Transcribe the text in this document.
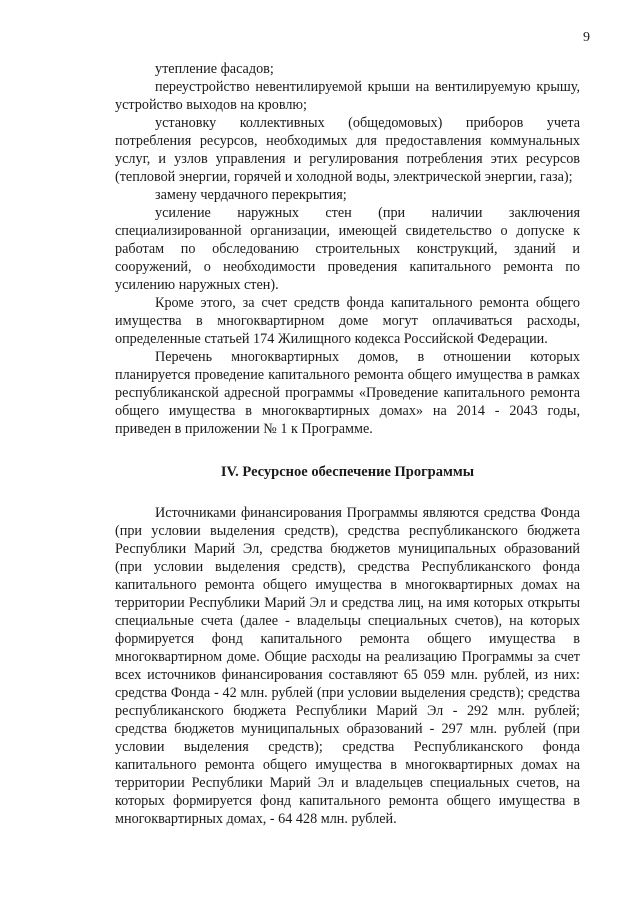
9

утепление фасадов;

переустройство невентилируемой крыши на вентилируемую крышу, устройство выходов на кровлю;

установку коллективных (общедомовых) приборов учета потребления ресурсов, необходимых для предоставления коммунальных услуг, и узлов управления и регулирования потребления этих ресурсов (тепловой энергии, горячей и холодной воды, электрической энергии, газа);

замену чердачного перекрытия;

усиление наружных стен (при наличии заключения специализированной организации, имеющей свидетельство о допуске к работам по обследованию строительных конструкций, зданий и сооружений, о необходимости проведения капитального ремонта по усилению наружных стен).

Кроме этого, за счет средств фонда капитального ремонта общего имущества в многоквартирном доме могут оплачиваться расходы, определенные статьей 174 Жилищного кодекса Российской Федерации.

Перечень многоквартирных домов, в отношении которых планируется проведение капитального ремонта общего имущества в рамках республиканской адресной программы «Проведение капитального ремонта общего имущества в многоквартирных домах» на 2014 - 2043 годы, приведен в приложении № 1 к Программе.

IV. Ресурсное обеспечение Программы

Источниками финансирования Программы являются средства Фонда (при условии выделения средств), средства республиканского бюджета Республики Марий Эл, средства бюджетов муниципальных образований (при условии выделения средств), средства Республиканского фонда капитального ремонта общего имущества в многоквартирных домах на территории Республики Марий Эл и средства лиц, на имя которых открыты специальные счета (далее - владельцы специальных счетов), на которых формируется фонд капитального ремонта общего имущества в многоквартирном доме. Общие расходы на реализацию Программы за счет всех источников финансирования составляют 65 059 млн. рублей, из них: средства Фонда - 42 млн. рублей (при условии выделения средств); средства республиканского бюджета Республики Марий Эл - 292 млн. рублей; средства бюджетов муниципальных образований - 297 млн. рублей (при условии выделения средств); средства Республиканского фонда капитального ремонта общего имущества в многоквартирных домах на территории Республики Марий Эл и владельцев специальных счетов, на которых формируется фонд капитального ремонта общего имущества в многоквартирных домах, - 64 428 млн. рублей.
